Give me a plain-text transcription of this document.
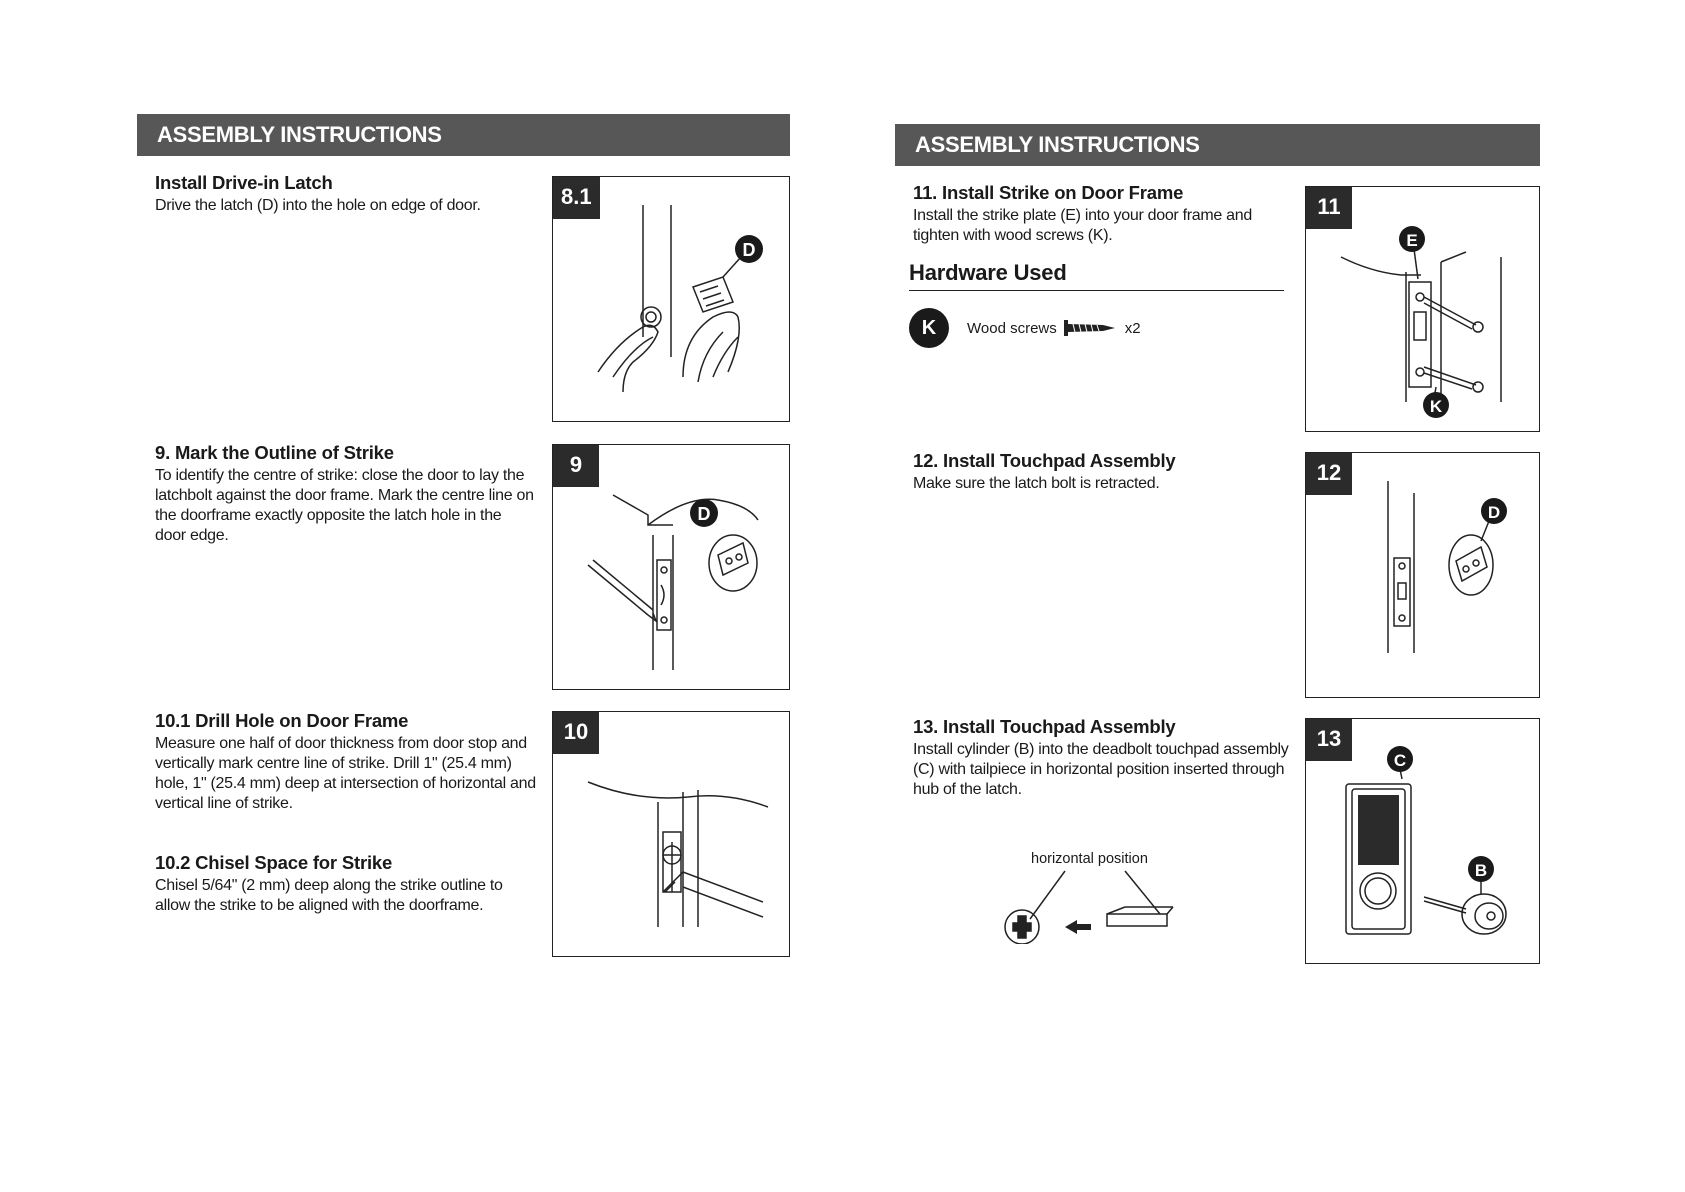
ASSEMBLY INSTRUCTIONS

Install Drive-in Latch

Drive the latch (D) into the hole on edge of door.

D
8.1

9. Mark the Outline of Strike

To identify the centre of strike: close the door to lay the latchbolt against the door frame. Mark the centre line on the doorframe exactly opposite the latch hole in the door edge.

D
9

10.1 Drill Hole on Door Frame

Measure one half of door thickness from door stop and vertically mark centre line of strike. Drill 1" (25.4 mm) hole, 1" (25.4 mm) deep at intersection of horizontal and vertical line of strike.

10

10.2 Chisel Space for Strike

Chisel 5/64" (2 mm) deep along the strike outline to allow the strike to be aligned with the doorframe.

ASSEMBLY INSTRUCTIONS

11. Install Strike on Door Frame

Install the strike plate (E) into your door frame and tighten with wood screws (K).

Hardware Used
K	Wood screws	x2
E
K
11

12. Install Touchpad Assembly

Make sure the latch bolt is retracted.

D
12

13. Install Touchpad Assembly

Install cylinder (B) into the deadbolt touchpad assembly (C) with tailpiece in horizontal position inserted through hub of the latch.

horizontal position
C
B
13
